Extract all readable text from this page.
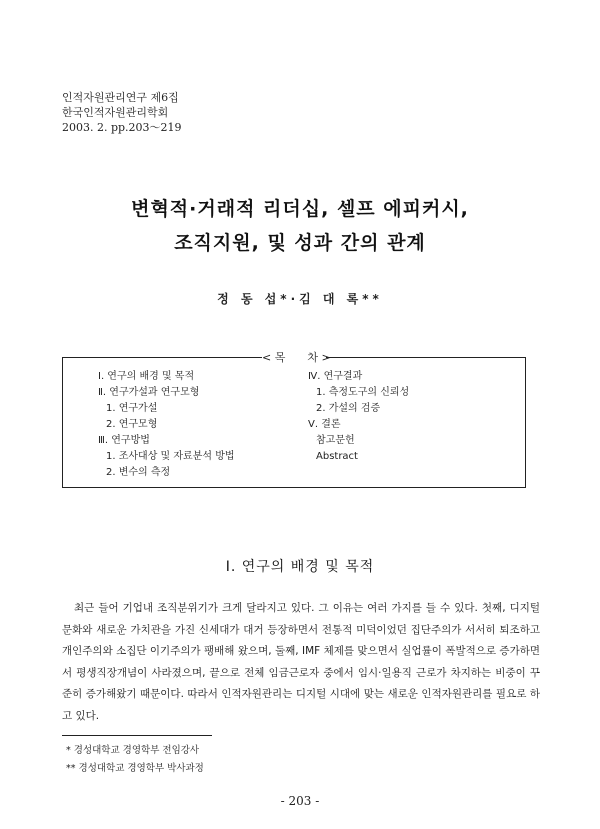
인적자원관리연구 제6집
한국인적자원관리학회
2003. 2. pp.203～219
변혁적·거래적 리더십, 셀프 에피커시,
조직지원, 및 성과 간의 관계
정 동 섭*·김 대 록**
< 목　　차 >
Ⅰ. 연구의 배경 및 목적
Ⅱ. 연구가설과 연구모형
1. 연구가설
2. 연구모형
Ⅲ. 연구방법
1. 조사대상 및 자료분석 방법
2. 변수의 측정
Ⅳ. 연구결과
1. 측정도구의 신뢰성
2. 가설의 검증
Ⅴ. 결론
참고문헌
Abstract
Ⅰ. 연구의 배경 및 목적

최근 들어 기업내 조직분위기가 크게 달라지고 있다. 그 이유는 여러 가지를 들 수 있다. 첫째, 디지털 문화와 새로운 가치관을 가진 신세대가 대거 등장하면서 전통적 미덕이었던 집단주의가 서서히 퇴조하고 개인주의와 소집단 이기주의가 팽배해 왔으며, 둘째, IMF 체제를 맞으면서 실업률이 폭발적으로 증가하면서 평생직장개념이 사라졌으며, 끝으로 전체 임금근로자 중에서 임시·일용직 근로가 차지하는 비중이 꾸준히 증가해왔기 때문이다. 따라서 인적자원관리는 디지털 시대에 맞는 새로운 인적자원관리를 필요로 하고 있다.

* 경성대학교 경영학부 전임강사
** 경성대학교 경영학부 박사과정
- 203 -
